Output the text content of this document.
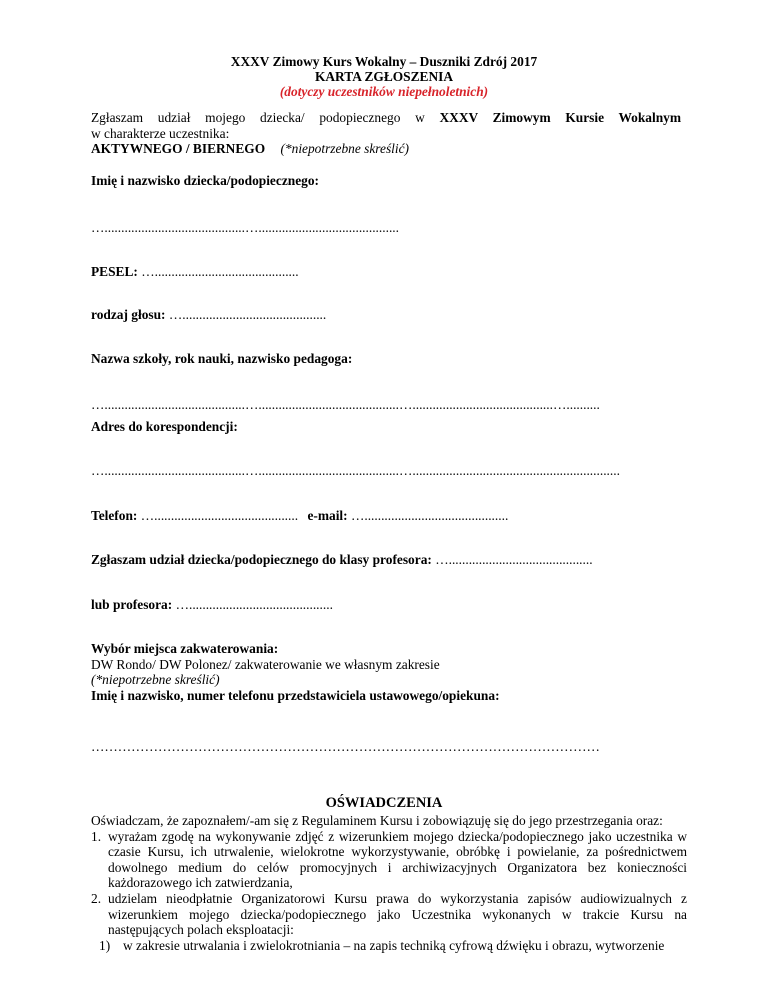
XXXV Zimowy Kurs Wokalny – Duszniki Zdrój 2017
KARTA ZGŁOSZENIA
(dotyczy uczestników niepełnoletnich)
Zgłaszam udział mojego dziecka/ podopiecznego w XXXV Zimowym Kursie Wokalnym
w charakterze uczestnika:
AKTYWNEGO / BIERNEGO (*niepotrzebne skreślić)
Imię i nazwisko dziecka/podopiecznego:
…..........................................…..........................................
PESEL: …...........................................
rodzaj głosu: …...........................................
Nazwa szkoły, rok nauki, nazwisko pedagoga:
…..........................................…..........................................…..........................................…..........
Adres do korespondencji:
…..........................................…..........................................…..............................................................
Telefon: …........................................... e-mail: …...........................................
Zgłaszam udział dziecka/podopiecznego do klasy profesora: …...........................................
lub profesora: …...........................................
Wybór miejsca zakwaterowania:
DW Rondo/ DW Polonez/ zakwaterowanie we własnym zakresie
(*niepotrzebne skreślić)
Imię i nazwisko, numer telefonu przedstawiciela ustawowego/opiekuna:
……………………………………………………………………………………………………
OŚWIADCZENIA
Oświadczam, że zapoznałem/-am się z Regulaminem Kursu i zobowiązuję się do jego przestrzegania oraz:
1. wyrażam zgodę na wykonywanie zdjęć z wizerunkiem mojego dziecka/podopiecznego jako uczestnika w czasie Kursu, ich utrwalenie, wielokrotne wykorzystywanie, obróbkę i powielanie, za pośrednictwem dowolnego medium do celów promocyjnych i archiwizacyjnych Organizatora bez konieczności każdorazowego ich zatwierdzania,
2. udzielam nieodpłatnie Organizatorowi Kursu prawa do wykorzystania zapisów audiowizualnych z wizerunkiem mojego dziecka/podopiecznego jako Uczestnika wykonanych w trakcie Kursu na następujących polach eksploatacji:
1) w zakresie utrwalania i zwielokrotniania – na zapis techniką cyfrową dźwięku i obrazu, wytworzenie
